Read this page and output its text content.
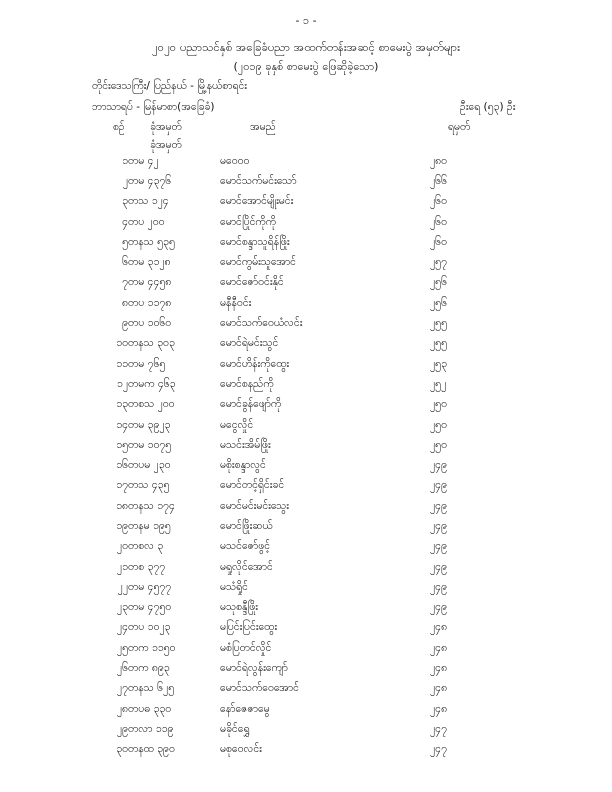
- ၁ -
၂၀၂၀ ပညာသင်နှစ် အခြေခံပညာ အထက်တန်းအဆင့် စာမေးပွဲ အမှတ်များ
(၂၀၁၉ ခုနှစ် စာမေးပွဲ ဖြေဆိုခဲ့သော)
တိုင်းဒေသကြီး/ ပြည်နယ် - မြို့နယ်စာရင်း
ဘာသာရပ် - မြန်မာစာ(အခြေခံ)	ဦးရေ (၅၃) ဦး
စဉ် ခုံအမှတ်
ခုံအမှတ်
အမည်	ရမှတ်
၁	တမ ၄၂	မဝေ၀၀	၂၈၀
၂	တမ ၄၃၇၆	မောင်သက်မင်းသော်	၂၆၆
၃	တသ ၁၂၄	မောင်အောင်မျိုးမင်း	၂၆၀
၄	တပ ၂၀၀	မောင်ပြိုင်ကိုကို	၂၆၀
၅	တနသ ၅၃၅	မောင်စန္ဒာသူရိန်ဖြိုး	၂၆၀
၆	တမ ၃၁၂၈	မောင်ကွမ်းသူအောင်	၂၅၇
၇	တမ ၄၄၅၈	မောင်ဇော်ဝင်းနိုင်	၂၅၆
၈	တပ ၁၁၇၈	မနီနီဝင်း	၂၅၆
၉	တပ ၁၀၆၀	မောင်သက်ဝေယံလင်း	၂၅၅
၁၀	တနသ ၃၀၃	မောင်ရဲမင်းသွင်	၂၅၅
၁၁	တမ ၇၆၅	မောင်ဟိန်းကိုထွေး	၂၅၃
၁၂	တမက ၄၆၃	မောင်စနည်ကို	၂၅၂
၁၃	တစသ ၂၀၀	မောင်ခွန်ဖျော်ကို	၂၅၀
၁၄	တမ ၃၉၂၃	မငွေလှိုင်	၂၅၀
၁၅	တမ ၁၀၇၅	မသင်းအိမ်ဖြိုး	၂၅၀
၁၆	တပမ ၂၃၀	မစိုးစန္ဒာလွင်	၂၄၉
၁၇	တသ ၄၃၅	မောင်တင့်ရှိင်းခင်	၂၄၉
၁၈	တနသ ၁၇၄	မောင်မင်းမင်းသွေး	၂၄၉
၁၉	တနမ ၁၉၅	မောင်ဖြိုးဆယ်	၂၄၉
၂၀	တစလ ၃	မသင်ဇော်ဖွင့်	၂၄၉
၂၁	တစ ၃၇၇	မရှုလိုင်အောင်	၂၄၉
၂၂	တမ ၄၅၇၇	မသံရှိုင်	၂၄၉
၂၃	တမ ၄၇၅၀	မသုစန္ဒီဖြိုး	၂၄၉
၂၄	တပ ၁၀၂၃	မပြင်းပြင်းထွေး	၂၄၈
၂၅	တက ၁၁၅၀	မစံပြတင်လှိုင်	၂၄၈
၂၆	တက ၈၉၃	မောင်ရဲလွန်းကျော်	၂၄၈
၂၇	တနသ ၆၂၅	မောင်သက်ဝေအောင်	၂၄၈
၂၈	တပဓ ၃၃၀	နော်ဇေဇာမွေ	၂၄၈
၂၉	တလာ ၁၁၉	မခိုင်ရွှေ	၂၄၇
၃၀	တနထ ၃၉၀	မစုဝေလင်း	၂၄၇
